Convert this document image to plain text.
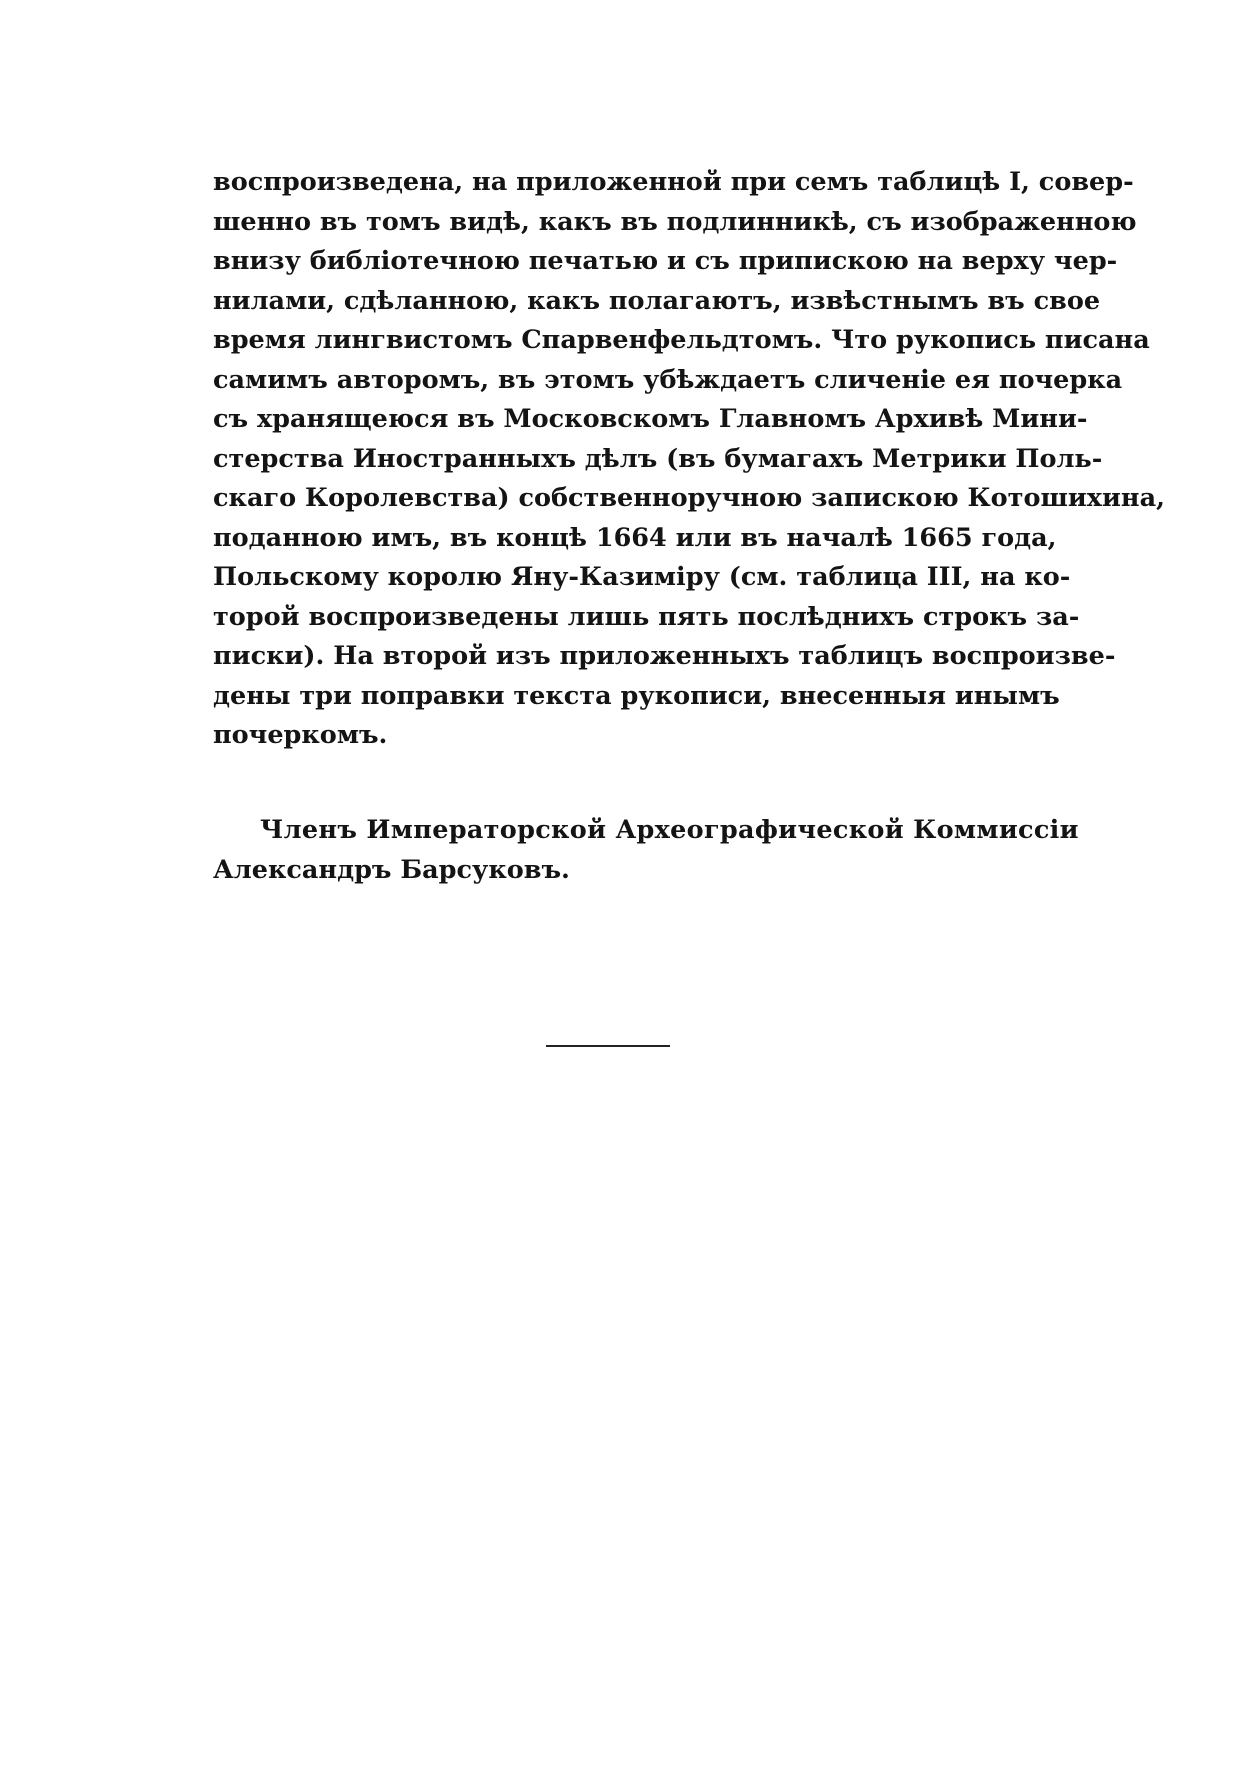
воспроизведена, на приложенной при семъ таблицѣ I, совер-
шенно въ томъ видѣ, какъ въ подлинникѣ, съ изображенною
внизу библіотечною печатью и съ припискою на верху чер-
нилами, сдѣланною, какъ полагаютъ, извѣстнымъ въ свое
время лингвистомъ Спарвенфельдтомъ. Что рукопись писана
самимъ авторомъ, въ этомъ убѣждаетъ сличеніе ея почерка
съ хранящеюся въ Московскомъ Главномъ Архивѣ Мини-
стерства Иностранныхъ дѣлъ (въ бумагахъ Метрики Поль-
скаго Королевства) собственноручною запискою Котошихина,
поданною имъ, въ концѣ 1664 или въ началѣ 1665 года,
Польскому королю Яну-Казиміру (см. таблица III, на ко-
торой воспроизведены лишь пять послѣднихъ строкъ за-
писки). На второй изъ приложенныхъ таблицъ воспроизве-
дены три поправки текста рукописи, внесенныя инымъ
почеркомъ.
Членъ Императорской Археографической Коммиссіи
Александръ Барсуковъ.
